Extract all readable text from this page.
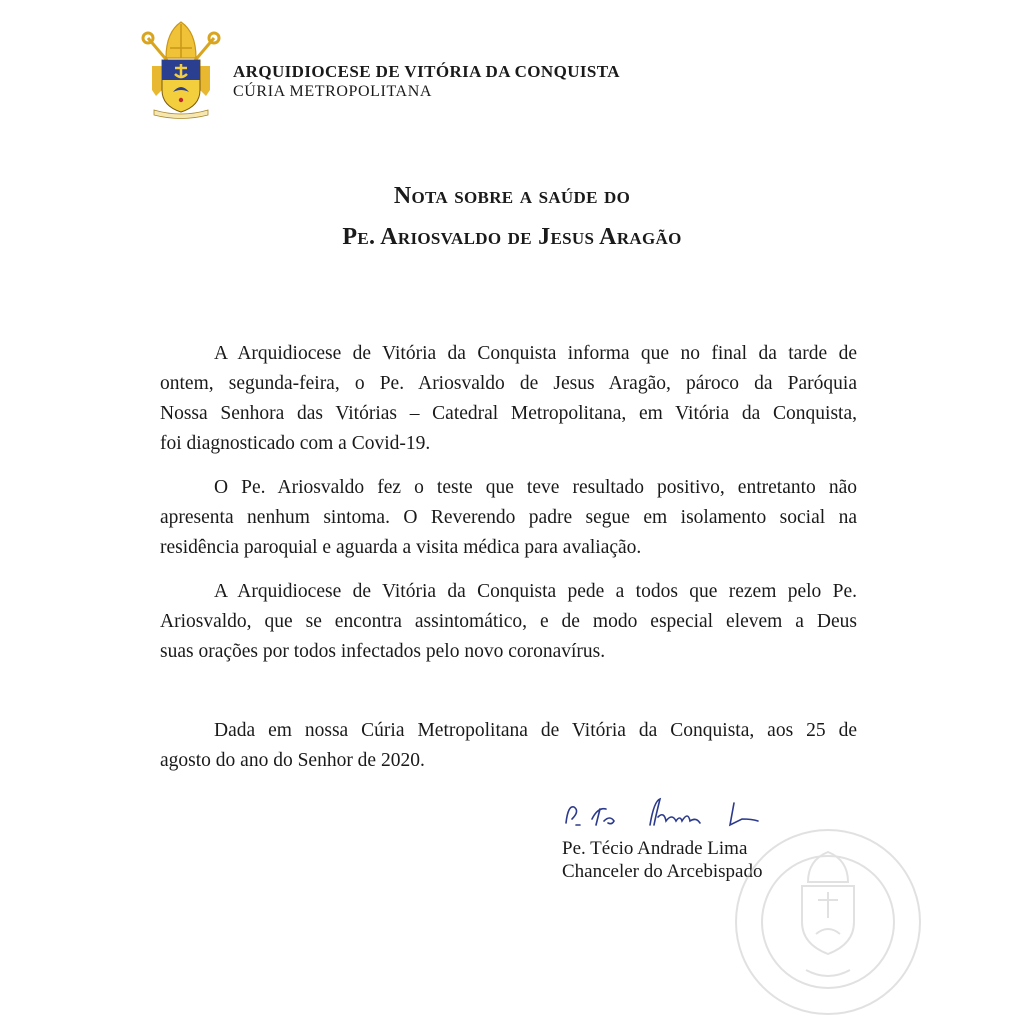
ARQUIDIOCESE DE VITÓRIA DA CONQUISTA
CÚRIA METROPOLITANA
Nota sobre a saúde do
Pe. Ariosvaldo de Jesus Aragão
A Arquidiocese de Vitória da Conquista informa que no final da tarde de
ontem, segunda-feira, o Pe. Ariosvaldo de Jesus Aragão, pároco da Paróquia
Nossa Senhora das Vitórias – Catedral Metropolitana, em Vitória da Conquista,
foi diagnosticado com a Covid-19.
O Pe. Ariosvaldo fez o teste que teve resultado positivo, entretanto não
apresenta nenhum sintoma. O Reverendo padre segue em isolamento social na
residência paroquial e aguarda a visita médica para avaliação.
A Arquidiocese de Vitória da Conquista pede a todos que rezem pelo Pe.
Ariosvaldo, que se encontra assintomático, e de modo especial elevem a Deus
suas orações por todos infectados pelo novo coronavírus.
Dada em nossa Cúria Metropolitana de Vitória da Conquista, aos 25 de
agosto do ano do Senhor de 2020.
Pe. Técio Andrade Lima
Chanceler do Arcebispado
